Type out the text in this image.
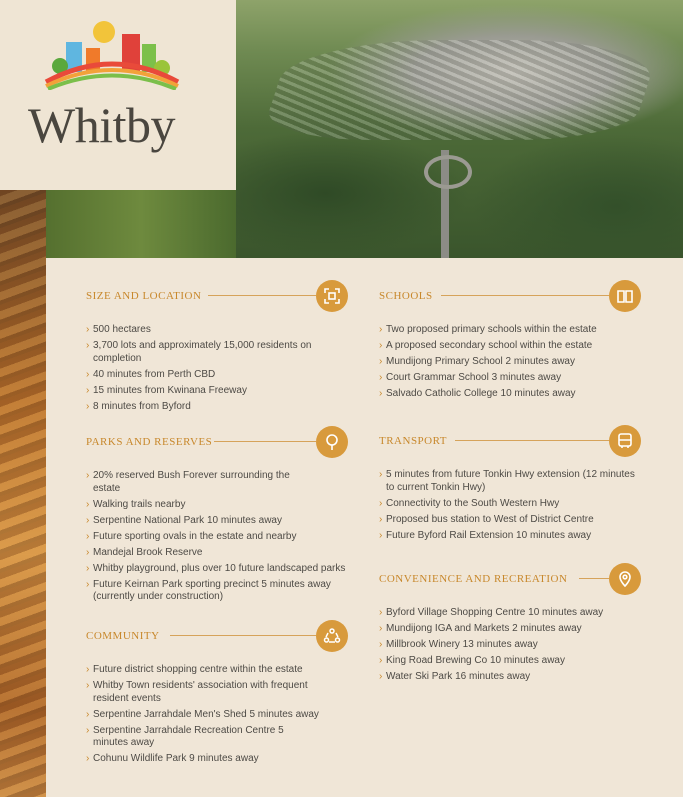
Whitby
SIZE AND LOCATION
› 500 hectares
› 3,700 lots and approximately 15,000 residents on completion
› 40 minutes from Perth CBD
› 15 minutes from Kwinana Freeway
› 8 minutes from Byford
SCHOOLS
› Two proposed primary schools within the estate
› A proposed secondary school within the estate
› Mundijong Primary School 2 minutes away
› Court Grammar School 3 minutes away
› Salvado Catholic College 10 minutes away
PARKS AND RESERVES
› 20% reserved Bush Forever surrounding the estate
› Walking trails nearby
› Serpentine National Park 10 minutes away
› Future sporting ovals in the estate and nearby
› Mandejal Brook Reserve
› Whitby playground, plus over 10 future landscaped parks
› Future Keirnan Park sporting precinct 5 minutes away (currently under construction)
TRANSPORT
› 5 minutes from future Tonkin Hwy extension (12 minutes to current Tonkin Hwy)
› Connectivity to the South Western Hwy
› Proposed bus station to West of District Centre
› Future Byford Rail Extension 10 minutes away
CONVENIENCE AND RECREATION
› Byford Village Shopping Centre 10 minutes away
› Mundijong IGA and Markets 2 minutes away
› Millbrook Winery 13 minutes away
› King Road Brewing Co 10 minutes away
› Water Ski Park 16 minutes away
COMMUNITY
› Future district shopping centre within the estate
› Whitby Town residents' association with frequent resident events
› Serpentine Jarrahdale Men's Shed 5 minutes away
› Serpentine Jarrahdale Recreation Centre 5 minutes away
› Cohunu Wildlife Park 9 minutes away
